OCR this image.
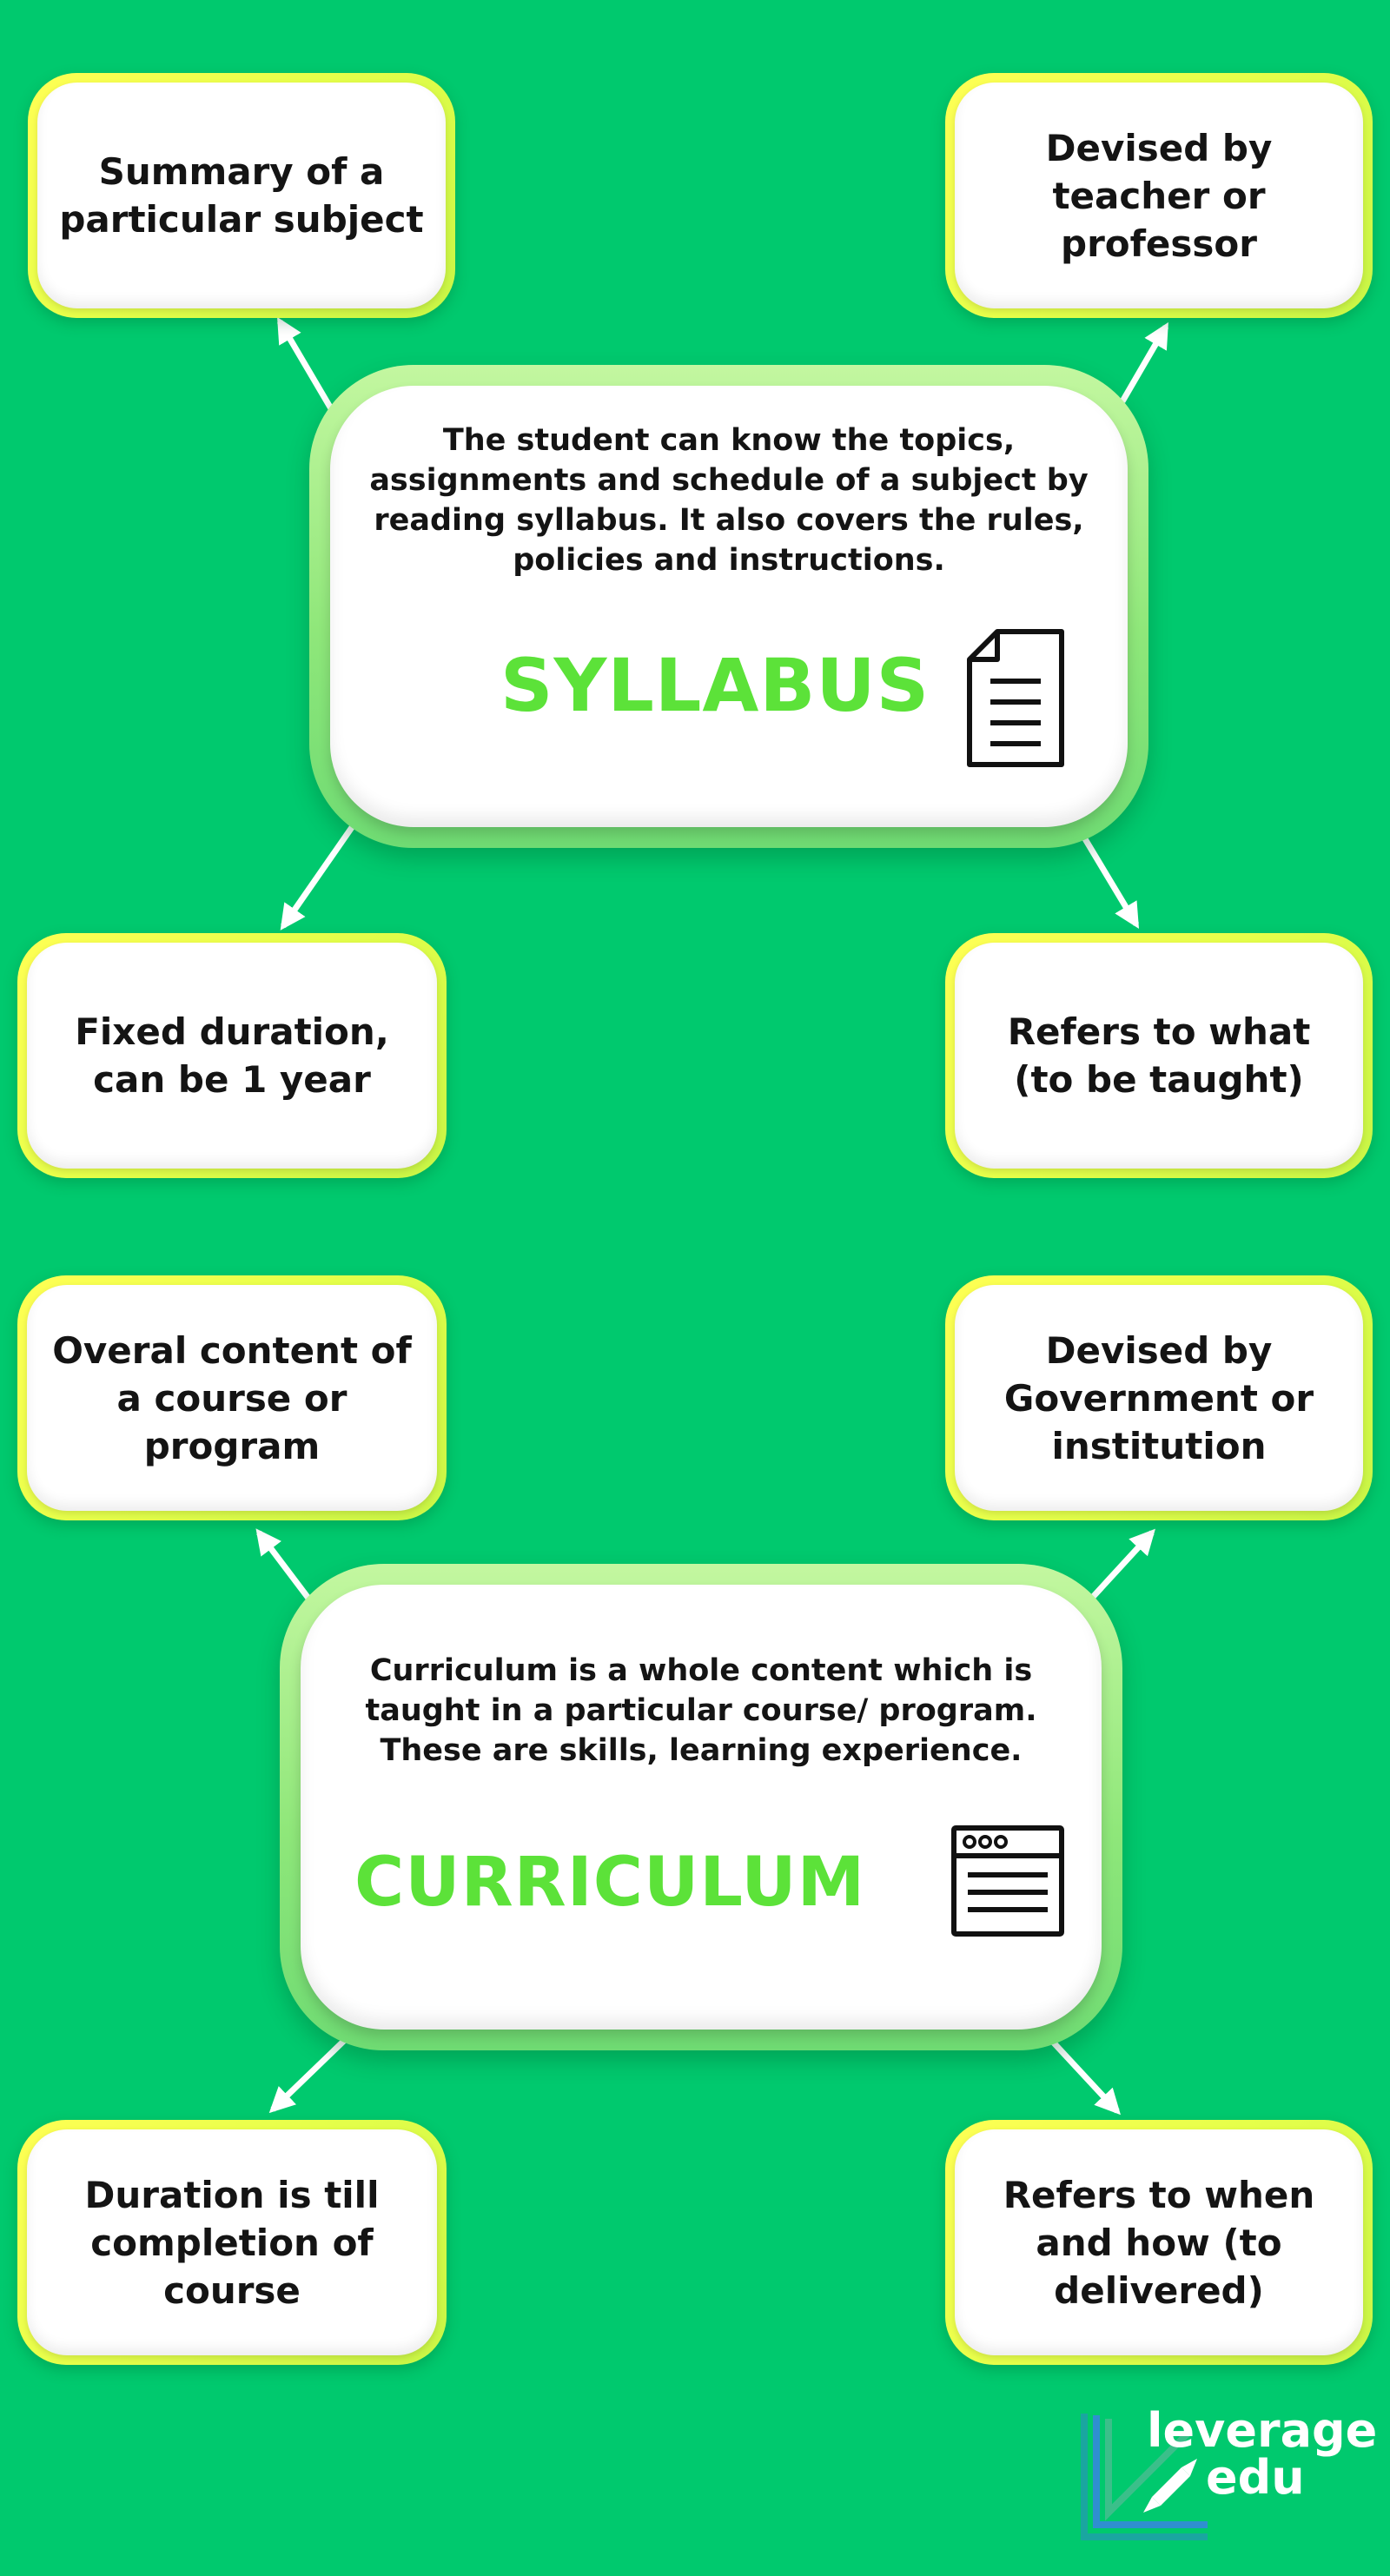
Summary of a particular subject
Devised by teacher or professor
Fixed duration, can be 1 year
Refers to what (to be taught)
The student can know the topics, assignments and schedule of a subject by reading syllabus. It also covers the rules, policies and instructions.
SYLLABUS
Overal content of a course or program
Devised by Government or institution
Duration is till completion of course
Refers to when and how (to delivered)
Curriculum is a whole content which is taught in a particular course/ program. These are skills, learning experience.
CURRICULUM
leverage
edu
